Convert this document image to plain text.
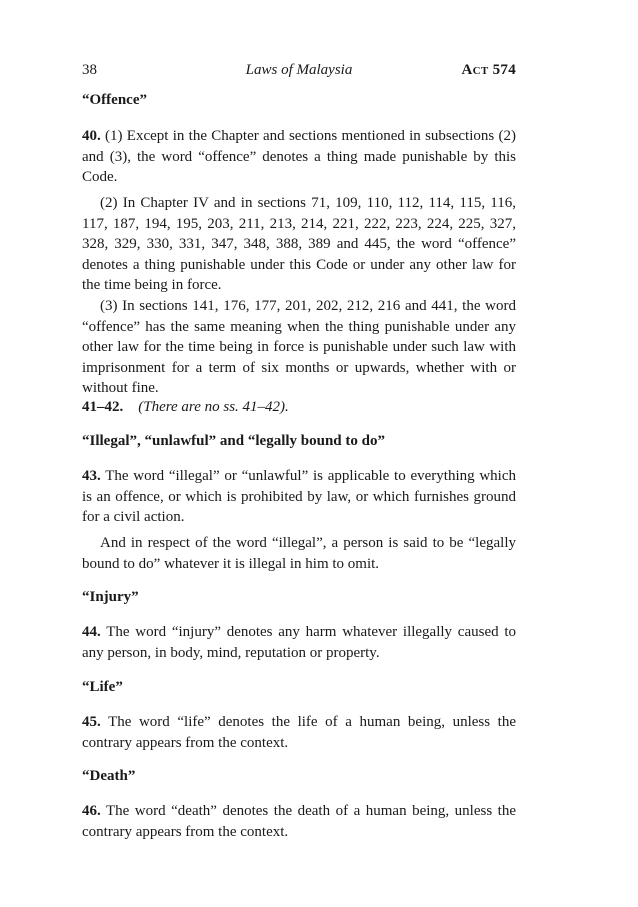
38	Laws of Malaysia	Act 574
“Offence”
40. (1) Except in the Chapter and sections mentioned in subsections (2) and (3), the word “offence” denotes a thing made punishable by this Code.
(2) In Chapter IV and in sections 71, 109, 110, 112, 114, 115, 116, 117, 187, 194, 195, 203, 211, 213, 214, 221, 222, 223, 224, 225, 327, 328, 329, 330, 331, 347, 348, 388, 389 and 445, the word “offence” denotes a thing punishable under this Code or under any other law for the time being in force.
(3) In sections 141, 176, 177, 201, 202, 212, 216 and 441, the word “offence” has the same meaning when the thing punishable under any other law for the time being in force is punishable under such law with imprisonment for a term of six months or upwards, whether with or without fine.
41–42. (There are no ss. 41–42).
“Illegal”, “unlawful” and “legally bound to do”
43. The word “illegal” or “unlawful” is applicable to everything which is an offence, or which is prohibited by law, or which furnishes ground for a civil action.
And in respect of the word “illegal”, a person is said to be “legally bound to do” whatever it is illegal in him to omit.
“Injury”
44. The word “injury” denotes any harm whatever illegally caused to any person, in body, mind, reputation or property.
“Life”
45. The word “life” denotes the life of a human being, unless the contrary appears from the context.
“Death”
46. The word “death” denotes the death of a human being, unless the contrary appears from the context.
